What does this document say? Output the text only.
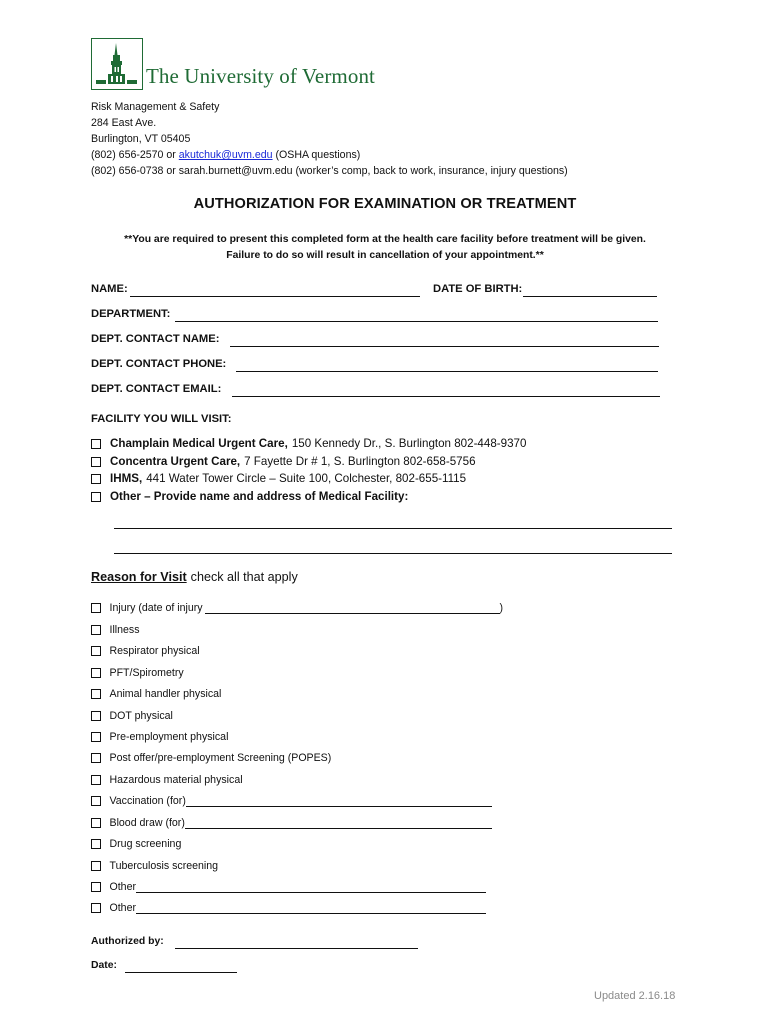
The University of Vermont
Risk Management & Safety
284 East Ave.
Burlington, VT 05405
(802) 656-2570 or akutchuk@uvm.edu (OSHA questions)
(802) 656-0738 or sarah.burnett@uvm.edu (worker’s comp, back to work, insurance, injury questions)
AUTHORIZATION FOR EXAMINATION OR TREATMENT
**You are required to present this completed form at the health care facility before treatment will be given.
Failure to do so will result in cancellation of your appointment.**
NAME:	DATE OF BIRTH:
DEPARTMENT:
DEPT. CONTACT NAME:
DEPT. CONTACT PHONE:
DEPT. CONTACT EMAIL:
FACILITY YOU WILL VISIT:
Champlain Medical Urgent Care, 150 Kennedy Dr., S. Burlington 802-448-9370
Concentra Urgent Care, 7 Fayette Dr # 1, S. Burlington 802-658-5756
IHMS, 441 Water Tower Circle – Suite 100, Colchester, 802-655-1115
Other – Provide name and address of Medical Facility:
Reason for Visit check all that apply
Injury (date of injury	)
Illness
Respirator physical
PFT/Spirometry
Animal handler physical
DOT physical
Pre-employment physical
Post offer/pre-employment Screening (POPES)
Hazardous material physical
Vaccination (for)
Blood draw (for)
Drug screening
Tuberculosis screening
Other
Other
Authorized by:
Date:
Updated 2.16.18
